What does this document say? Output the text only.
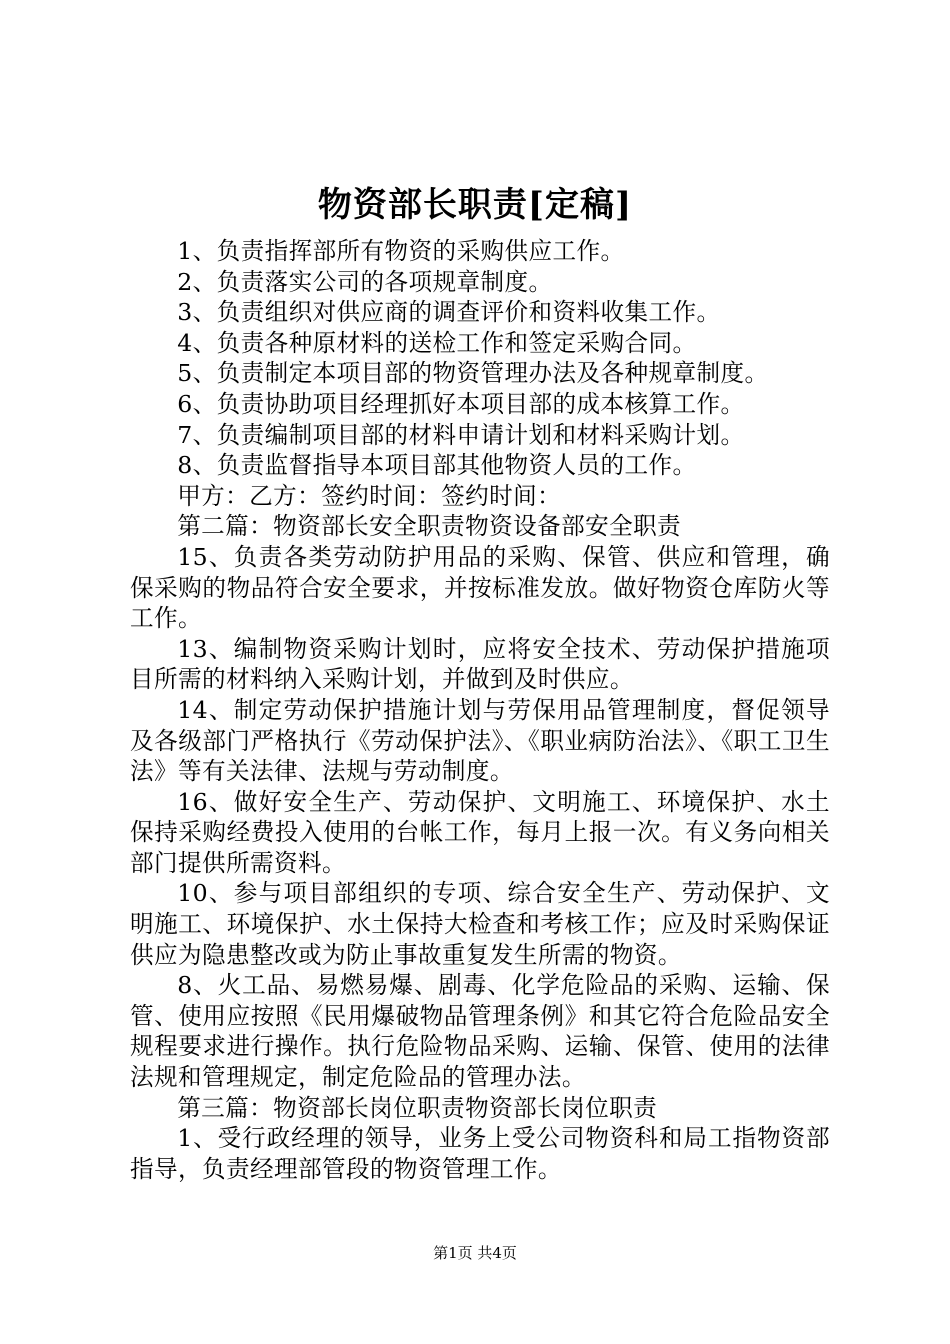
物资部长职责[定稿]

1、负责指挥部所有物资的采购供应工作。

2、负责落实公司的各项规章制度。

3、负责组织对供应商的调查评价和资料收集工作。

4、负责各种原材料的送检工作和签定采购合同。

5、负责制定本项目部的物资管理办法及各种规章制度。

6、负责协助项目经理抓好本项目部的成本核算工作。

7、负责编制项目部的材料申请计划和材料采购计划。

8、负责监督指导本项目部其他物资人员的工作。

甲方：乙方：签约时间：签约时间：

第二篇：物资部长安全职责物资设备部安全职责

15、负责各类劳动防护用品的采购、保管、供应和管理，确保采购的物品符合安全要求，并按标准发放。做好物资仓库防火等工作。

13、编制物资采购计划时，应将安全技术、劳动保护措施项目所需的材料纳入采购计划，并做到及时供应。

14、制定劳动保护措施计划与劳保用品管理制度，督促领导及各级部门严格执行《劳动保护法》、《职业病防治法》、《职工卫生法》等有关法律、法规与劳动制度。

16、做好安全生产、劳动保护、文明施工、环境保护、水土保持采购经费投入使用的台帐工作，每月上报一次。有义务向相关部门提供所需资料。

10、参与项目部组织的专项、综合安全生产、劳动保护、文明施工、环境保护、水土保持大检查和考核工作；应及时采购保证供应为隐患整改或为防止事故重复发生所需的物资。

8、火工品、易燃易爆、剧毒、化学危险品的采购、运输、保管、使用应按照《民用爆破物品管理条例》和其它符合危险品安全规程要求进行操作。执行危险物品采购、运输、保管、使用的法律法规和管理规定，制定危险品的管理办法。

第三篇：物资部长岗位职责物资部长岗位职责

1、受行政经理的领导，业务上受公司物资科和局工指物资部指导，负责经理部管段的物资管理工作。

第1页 共4页
